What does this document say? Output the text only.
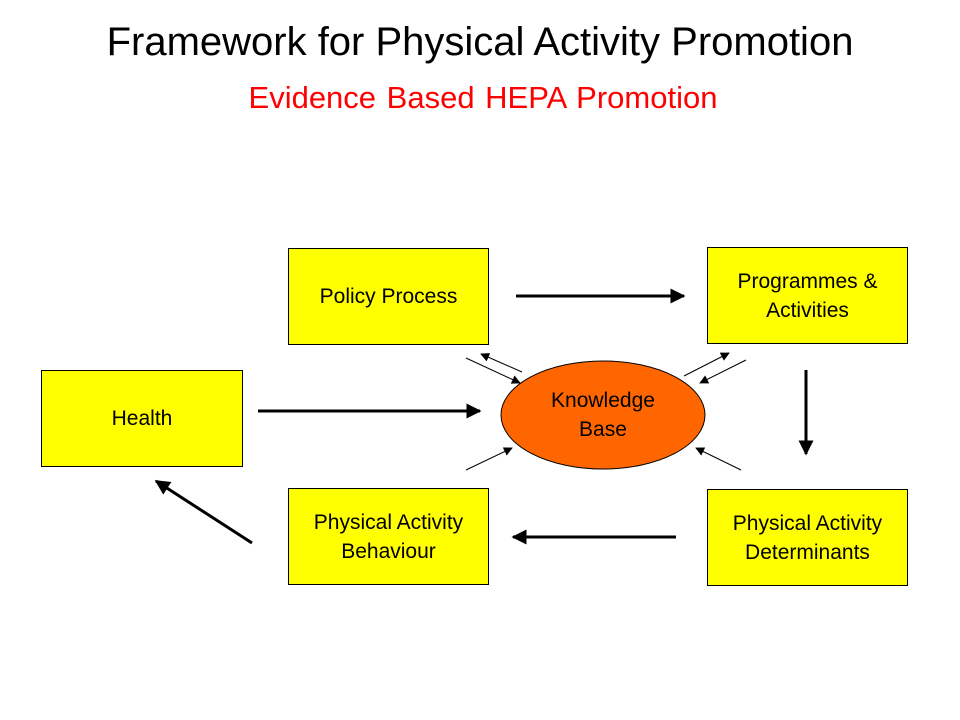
Framework for Physical Activity Promotion
Evidence Based HEPA Promotion
Policy Process
Programmes &
Activities
Health
Physical Activity
Behaviour
Physical Activity
Determinants
Knowledge
Base
